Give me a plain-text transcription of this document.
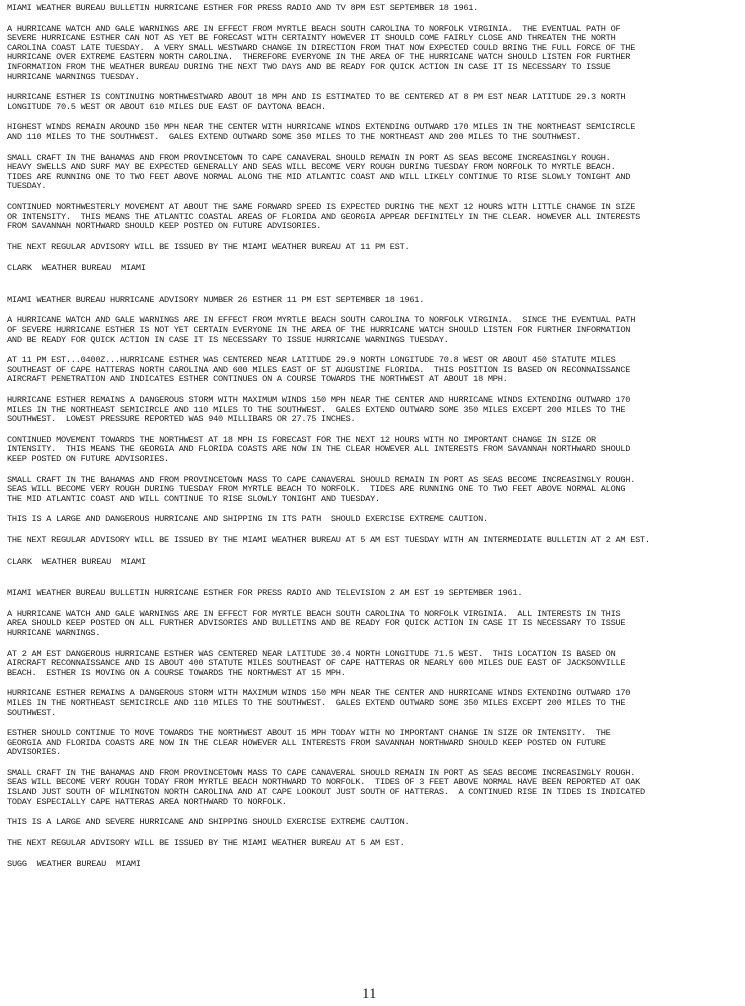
MIAMI WEATHER BUREAU BULLETIN HURRICANE ESTHER FOR PRESS RADIO AND TV 8PM EST SEPTEMBER 18 1961.
A HURRICANE WATCH AND GALE WARNINGS ARE IN EFFECT FROM MYRTLE BEACH SOUTH CAROLINA TO NORFOLK VIRGINIA.  THE EVENTUAL PATH OF
SEVERE HURRICANE ESTHER CAN NOT AS YET BE FORECAST WITH CERTAINTY HOWEVER IT SHOULD COME FAIRLY CLOSE AND THREATEN THE NORTH
CAROLINA COAST LATE TUESDAY.  A VERY SMALL WESTWARD CHANGE IN DIRECTION FROM THAT NOW EXPECTED COULD BRING THE FULL FORCE OF THE
HURRICANE OVER EXTREME EASTERN NORTH CAROLINA.  THEREFORE EVERYONE IN THE AREA OF THE HURRICANE WATCH SHOULD LISTEN FOR FURTHER
INFORMATION FROM THE WEATHER BUREAU DURING THE NEXT TWO DAYS AND BE READY FOR QUICK ACTION IN CASE IT IS NECESSARY TO ISSUE
HURRICANE WARNINGS TUESDAY.
HURRICANE ESTHER IS CONTINUING NORTHWESTWARD ABOUT 18 MPH AND IS ESTIMATED TO BE CENTERED AT 8 PM EST NEAR LATITUDE 29.3 NORTH
LONGITUDE 70.5 WEST OR ABOUT 610 MILES DUE EAST OF DAYTONA BEACH.
HIGHEST WINDS REMAIN AROUND 150 MPH NEAR THE CENTER WITH HURRICANE WINDS EXTENDING OUTWARD 170 MILES IN THE NORTHEAST SEMICIRCLE
AND 110 MILES TO THE SOUTHWEST.  GALES EXTEND OUTWARD SOME 350 MILES TO THE NORTHEAST AND 200 MILES TO THE SOUTHWEST.
SMALL CRAFT IN THE BAHAMAS AND FROM PROVINCETOWN TO CAPE CANAVERAL SHOULD REMAIN IN PORT AS SEAS BECOME INCREASINGLY ROUGH.
HEAVY SWELLS AND SURF MAY BE EXPECTED GENERALLY AND SEAS WILL BECOME VERY ROUGH DURING TUESDAY FROM NORFOLK TO MYRTLE BEACH.
TIDES ARE RUNNING ONE TO TWO FEET ABOVE NORMAL ALONG THE MID ATLANTIC COAST AND WILL LIKELY CONTINUE TO RISE SLOWLY TONIGHT AND
TUESDAY.
CONTINUED NORTHWESTERLY MOVEMENT AT ABOUT THE SAME FORWARD SPEED IS EXPECTED DURING THE NEXT 12 HOURS WITH LITTLE CHANGE IN SIZE
OR INTENSITY.  THIS MEANS THE ATLANTIC COASTAL AREAS OF FLORIDA AND GEORGIA APPEAR DEFINITELY IN THE CLEAR. HOWEVER ALL INTERESTS
FROM SAVANNAH NORTHWARD SHOULD KEEP POSTED ON FUTURE ADVISORIES.
THE NEXT REGULAR ADVISORY WILL BE ISSUED BY THE MIAMI WEATHER BUREAU AT 11 PM EST.
CLARK  WEATHER BUREAU  MIAMI
MIAMI WEATHER BUREAU HURRICANE ADVISORY NUMBER 26 ESTHER 11 PM EST SEPTEMBER 18 1961.
A HURRICANE WATCH AND GALE WARNINGS ARE IN EFFECT FROM MYRTLE BEACH SOUTH CAROLINA TO NORFOLK VIRGINIA.  SINCE THE EVENTUAL PATH
OF SEVERE HURRICANE ESTHER IS NOT YET CERTAIN EVERYONE IN THE AREA OF THE HURRICANE WATCH SHOULD LISTEN FOR FURTHER INFORMATION
AND BE READY FOR QUICK ACTION IN CASE IT IS NECESSARY TO ISSUE HURRICANE WARNINGS TUESDAY.
AT 11 PM EST...0400Z...HURRICANE ESTHER WAS CENTERED NEAR LATITUDE 29.9 NORTH LONGITUDE 70.8 WEST OR ABOUT 450 STATUTE MILES
SOUTHEAST OF CAPE HATTERAS NORTH CAROLINA AND 600 MILES EAST OF ST AUGUSTINE FLORIDA.  THIS POSITION IS BASED ON RECONNAISSANCE
AIRCRAFT PENETRATION AND INDICATES ESTHER CONTINUES ON A COURSE TOWARDS THE NORTHWEST AT ABOUT 18 MPH.
HURRICANE ESTHER REMAINS A DANGEROUS STORM WITH MAXIMUM WINDS 150 MPH NEAR THE CENTER AND HURRICANE WINDS EXTENDING OUTWARD 170
MILES IN THE NORTHEAST SEMICIRCLE AND 110 MILES TO THE SOUTHWEST.  GALES EXTEND OUTWARD SOME 350 MILES EXCEPT 200 MILES TO THE
SOUTHWEST.  LOWEST PRESSURE REPORTED WAS 940 MILLIBARS OR 27.75 INCHES.
CONTINUED MOVEMENT TOWARDS THE NORTHWEST AT 18 MPH IS FORECAST FOR THE NEXT 12 HOURS WITH NO IMPORTANT CHANGE IN SIZE OR
INTENSITY.  THIS MEANS THE GEORGIA AND FLORIDA COASTS ARE NOW IN THE CLEAR HOWEVER ALL INTERESTS FROM SAVANNAH NORTHWARD SHOULD
KEEP POSTED ON FUTURE ADVISORIES.
SMALL CRAFT IN THE BAHAMAS AND FROM PROVINCETOWN MASS TO CAPE CANAVERAL SHOULD REMAIN IN PORT AS SEAS BECOME INCREASINGLY ROUGH.
SEAS WILL BECOME VERY ROUGH DURING TUESDAY FROM MYRTLE BEACH TO NORFOLK.  TIDES ARE RUNNING ONE TO TWO FEET ABOVE NORMAL ALONG
THE MID ATLANTIC COAST AND WILL CONTINUE TO RISE SLOWLY TONIGHT AND TUESDAY.
THIS IS A LARGE AND DANGEROUS HURRICANE AND SHIPPING IN ITS PATH  SHOULD EXERCISE EXTREME CAUTION.
THE NEXT REGULAR ADVISORY WILL BE ISSUED BY THE MIAMI WEATHER BUREAU AT 5 AM EST TUESDAY WITH AN INTERMEDIATE BULLETIN AT 2 AM EST.
CLARK  WEATHER BUREAU  MIAMI
MIAMI WEATHER BUREAU BULLETIN HURRICANE ESTHER FOR PRESS RADIO AND TELEVISION 2 AM EST 19 SEPTEMBER 1961.
A HURRICANE WATCH AND GALE WARNINGS ARE IN EFFECT FOR MYRTLE BEACH SOUTH CAROLINA TO NORFOLK VIRGINIA.  ALL INTERESTS IN THIS
AREA SHOULD KEEP POSTED ON ALL FURTHER ADVISORIES AND BULLETINS AND BE READY FOR QUICK ACTION IN CASE IT IS NECESSARY TO ISSUE
HURRICANE WARNINGS.
AT 2 AM EST DANGEROUS HURRICANE ESTHER WAS CENTERED NEAR LATITUDE 30.4 NORTH LONGITUDE 71.5 WEST.  THIS LOCATION IS BASED ON
AIRCRAFT RECONNAISSANCE AND IS ABOUT 400 STATUTE MILES SOUTHEAST OF CAPE HATTERAS OR NEARLY 600 MILES DUE EAST OF JACKSONVILLE
BEACH.  ESTHER IS MOVING ON A COURSE TOWARDS THE NORTHWEST AT 15 MPH.
HURRICANE ESTHER REMAINS A DANGEROUS STORM WITH MAXIMUM WINDS 150 MPH NEAR THE CENTER AND HURRICANE WINDS EXTENDING OUTWARD 170
MILES IN THE NORTHEAST SEMICIRCLE AND 110 MILES TO THE SOUTHWEST.  GALES EXTEND OUTWARD SOME 350 MILES EXCEPT 200 MILES TO THE
SOUTHWEST.
ESTHER SHOULD CONTINUE TO MOVE TOWARDS THE NORTHWEST ABOUT 15 MPH TODAY WITH NO IMPORTANT CHANGE IN SIZE OR INTENSITY.  THE
GEORGIA AND FLORIDA COASTS ARE NOW IN THE CLEAR HOWEVER ALL INTERESTS FROM SAVANNAH NORTHWARD SHOULD KEEP POSTED ON FUTURE
ADVISORIES.
SMALL CRAFT IN THE BAHAMAS AND FROM PROVINCETOWN MASS TO CAPE CANAVERAL SHOULD REMAIN IN PORT AS SEAS BECOME INCREASINGLY ROUGH.
SEAS WILL BECOME VERY ROUGH TODAY FROM MYRTLE BEACH NORTHWARD TO NORFOLK.  TIDES OF 3 FEET ABOVE NORMAL HAVE BEEN REPORTED AT OAK
ISLAND JUST SOUTH OF WILMINGTON NORTH CAROLINA AND AT CAPE LOOKOUT JUST SOUTH OF HATTERAS.  A CONTINUED RISE IN TIDES IS INDICATED
TODAY ESPECIALLY CAPE HATTERAS AREA NORTHWARD TO NORFOLK.
THIS IS A LARGE AND SEVERE HURRICANE AND SHIPPING SHOULD EXERCISE EXTREME CAUTION.
THE NEXT REGULAR ADVISORY WILL BE ISSUED BY THE MIAMI WEATHER BUREAU AT 5 AM EST.
SUGG  WEATHER BUREAU  MIAMI
11
